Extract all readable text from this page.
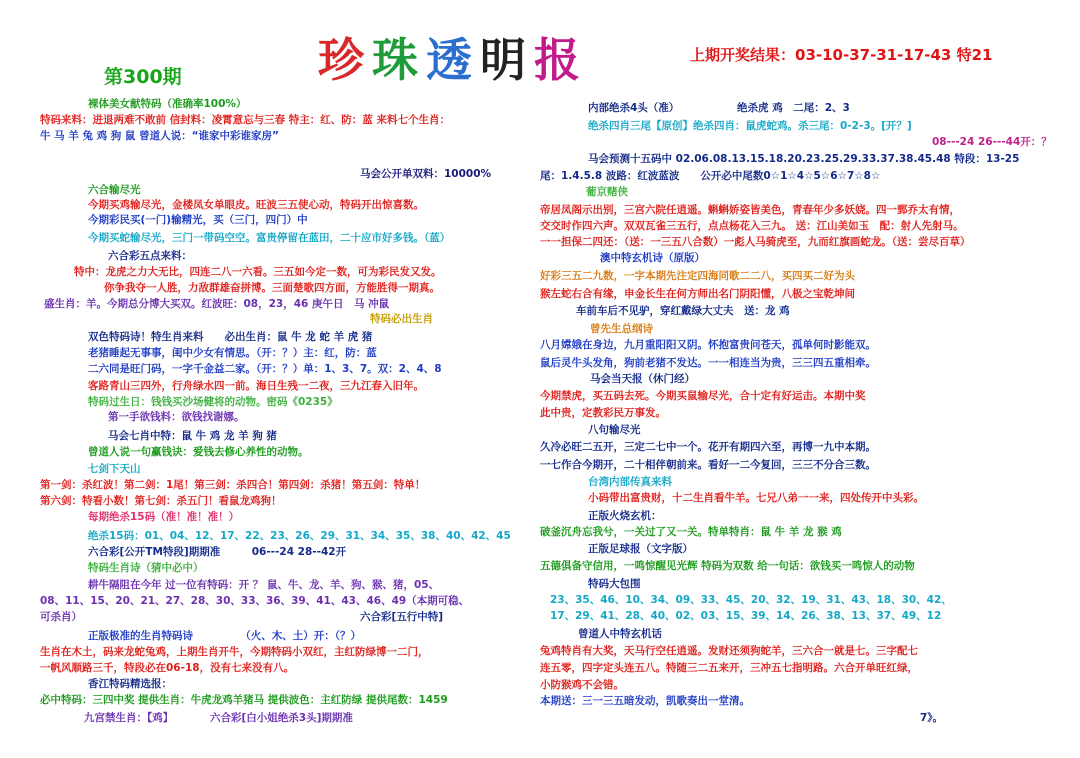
第300期	珍珠透明报	上期开奖结果：03-10-37-31-17-43 特21
裸体美女献特码（准确率100%）
特码来料：进退两难不敢前 信封料：凌霄意忘与三春 特主：红、防：蓝 来料七个生肖：
牛 马 羊 兔 鸡 狗 鼠 曾道人说：“谁家中彩谁家房”
马会公开单双料：10000%
六合输尽光
今期买鸡输尽光，金楼凤女单眼皮。旺波三五使心动，特码开出惊喜数。
今期彩民买(一门)输精光，买（三门，四门）中
今期买蛇输尽光，三门一带码空空。富贵停留在蓝田，二十应市好多钱。（蓝）
六合彩五点来料：
特中：龙虎之力大无比，四连二八一六看。三五如今定一数，可为彩民发又发。
你争我夺一人胜，力敌群雄奋拼博。三面楚歌四方面，方能胜得一期真。
盛生肖：羊。今期总分博大买双。红波旺：08，23，46 庚午日　马 冲鼠
特码必出生肖
双色特码诗！特生肖来料　　必出生肖：鼠 牛 龙 蛇 羊 虎 猪
老猪睡起无事事，闺中少女有情思。（开：？）主：红，防：蓝
二六同是旺门码，一字千金益二家。（开：？）单：1、3、7。双：2、4、8
客路青山三四外，行舟绿水四一前。海日生残一二夜，三九江春入旧年。
特码过生日：钱钱买沙场健将的动物。密码《0235》
第一手欲钱料：欲钱找谢娜。
马会七肖中特：鼠 牛 鸡 龙 羊 狗 猪
曾道人说一句赢钱诀：爱钱去修心养性的动物。
七剑下天山
第一剑：杀红波！第二剑：1尾！第三剑：杀四合！第四剑：杀猪！第五剑：特单！
第六剑：特看小数！第七剑：杀五门！看鼠龙鸡狗！
每期绝杀15码（准！准！准！）
绝杀15码：01、04、12、17、22、23、26、29、31、34、35、38、40、42、45
六合彩[公开TM特段]期期准　　　06---24 28--42开
特码生肖诗（猜中必中）
耕牛隔阻在今年 过一位有特码：开 ？ 鼠、牛、龙、羊、狗、猴、猪，05、
08、11、15、20、21、27、28、30、33、36、39、41、43、46、49（本期可稳、
可杀肖）	六合彩[五行中特]
正版极准的生肖特码诗　　　　　（火、木、土）开：（？）
生肖在木土，码来龙蛇兔鸡，上期生肖开牛，今期特码小双红，主红防绿博一二门，
一帆风顺路三千，特段必在06-18，没有七来没有八。
香江特码精选报：
必中特码：三四中奖 提供生肖：牛虎龙鸡羊猪马 提供波色：主红防绿 提供尾数：1459
九宫禁生肖：【鸡】　　　　六合彩[白小姐绝杀3头]期期准
内部绝杀4头（准）　　　　　　绝杀虎 鸡　二尾：2、3
绝杀四肖三尾【原创】绝杀四肖：鼠虎蛇鸡。杀三尾：0-2-3。[开？]
08---24 26---44开：？
马会预测十五码中 02.06.08.13.15.18.20.23.25.29.33.37.38.45.48 特段：13-25
尾：1.4.5.8 波路：红波蓝波　　公开必中尾数0☆1☆4☆5☆6☆7☆8☆
葡京赌侠
帝居凤阁示出别，三宫六院任逍遥。蝌蝌娇姿皆美色，青春年少多妖娆。四一鄄乔太有情，
交交时作四六声。双双瓦雀三五行，点点杨花入三九。 送：江山美如玉　配：射人先射马。
一一担保二四还：（送：一三五八合数）一彪人马骑虎至，九而红旗画蛇龙。（送：尝尽百草）
澳中特玄机诗（原版）
好彩三五二九数，一字本期先注定四海同歌二二八，买四买二好为头
猴左蛇右合有缘，申金长生在何方师出名门阴阳懂，八极之宝乾坤间
车前车后不见驴，穿红戴绿大丈夫　送：龙 鸡
曾先生总纲诗
八月嫦娥在身边，九月重阳阳又阴。怀抱富贵问苍天，孤单何时影能双。
鼠后灵牛头发角，狗前老猪不发达。一一相连当为贵，三三四五重相牵。
马会当天报（休门经）
今期禁虎，买五码去死。今期买鼠输尽光，合十定有好运击。本期中奖
此中贵，定教彩民万事发。
八句输尽光
久冷必旺二五开，三定二七中一个。花开有期四六至，再博一九中本期。
一七作合今期开，二十相伴朝前来。看好一二今复回，三三不分合三数。
台湾内部传真来料
小码带出富贵财，十二生肖看牛羊。七兄八弟一一来，四处传开中头彩。
正版火烧玄机：
破釜沉舟忘我兮，一关过了又一关。特单特肖：鼠 牛 羊 龙 猴 鸡
正版足球报（文字版）
五德俱备守信用，一鸣惊醒见光辉 特码为双数 给一句话：欲钱买一鸣惊人的动物
特码大包围
23、35、46、10、34、09、33、45、20、32、19、31、43、18、30、42、
17、29、41、28、40、02、03、15、39、14、26、38、13、37、49、12
曾道人中特玄机话
兔鸡特肖有大奖，天马行空任逍遥。发财还须狗蛇羊，三六合一就是七。三字配七
连五零，四字定头连五八。特随三二五来开，三冲五七指明路。六合开单旺红绿，
小防猴鸡不会错。
本期送：三一三五暗发动，凯歌奏出一堂清。
7》。
